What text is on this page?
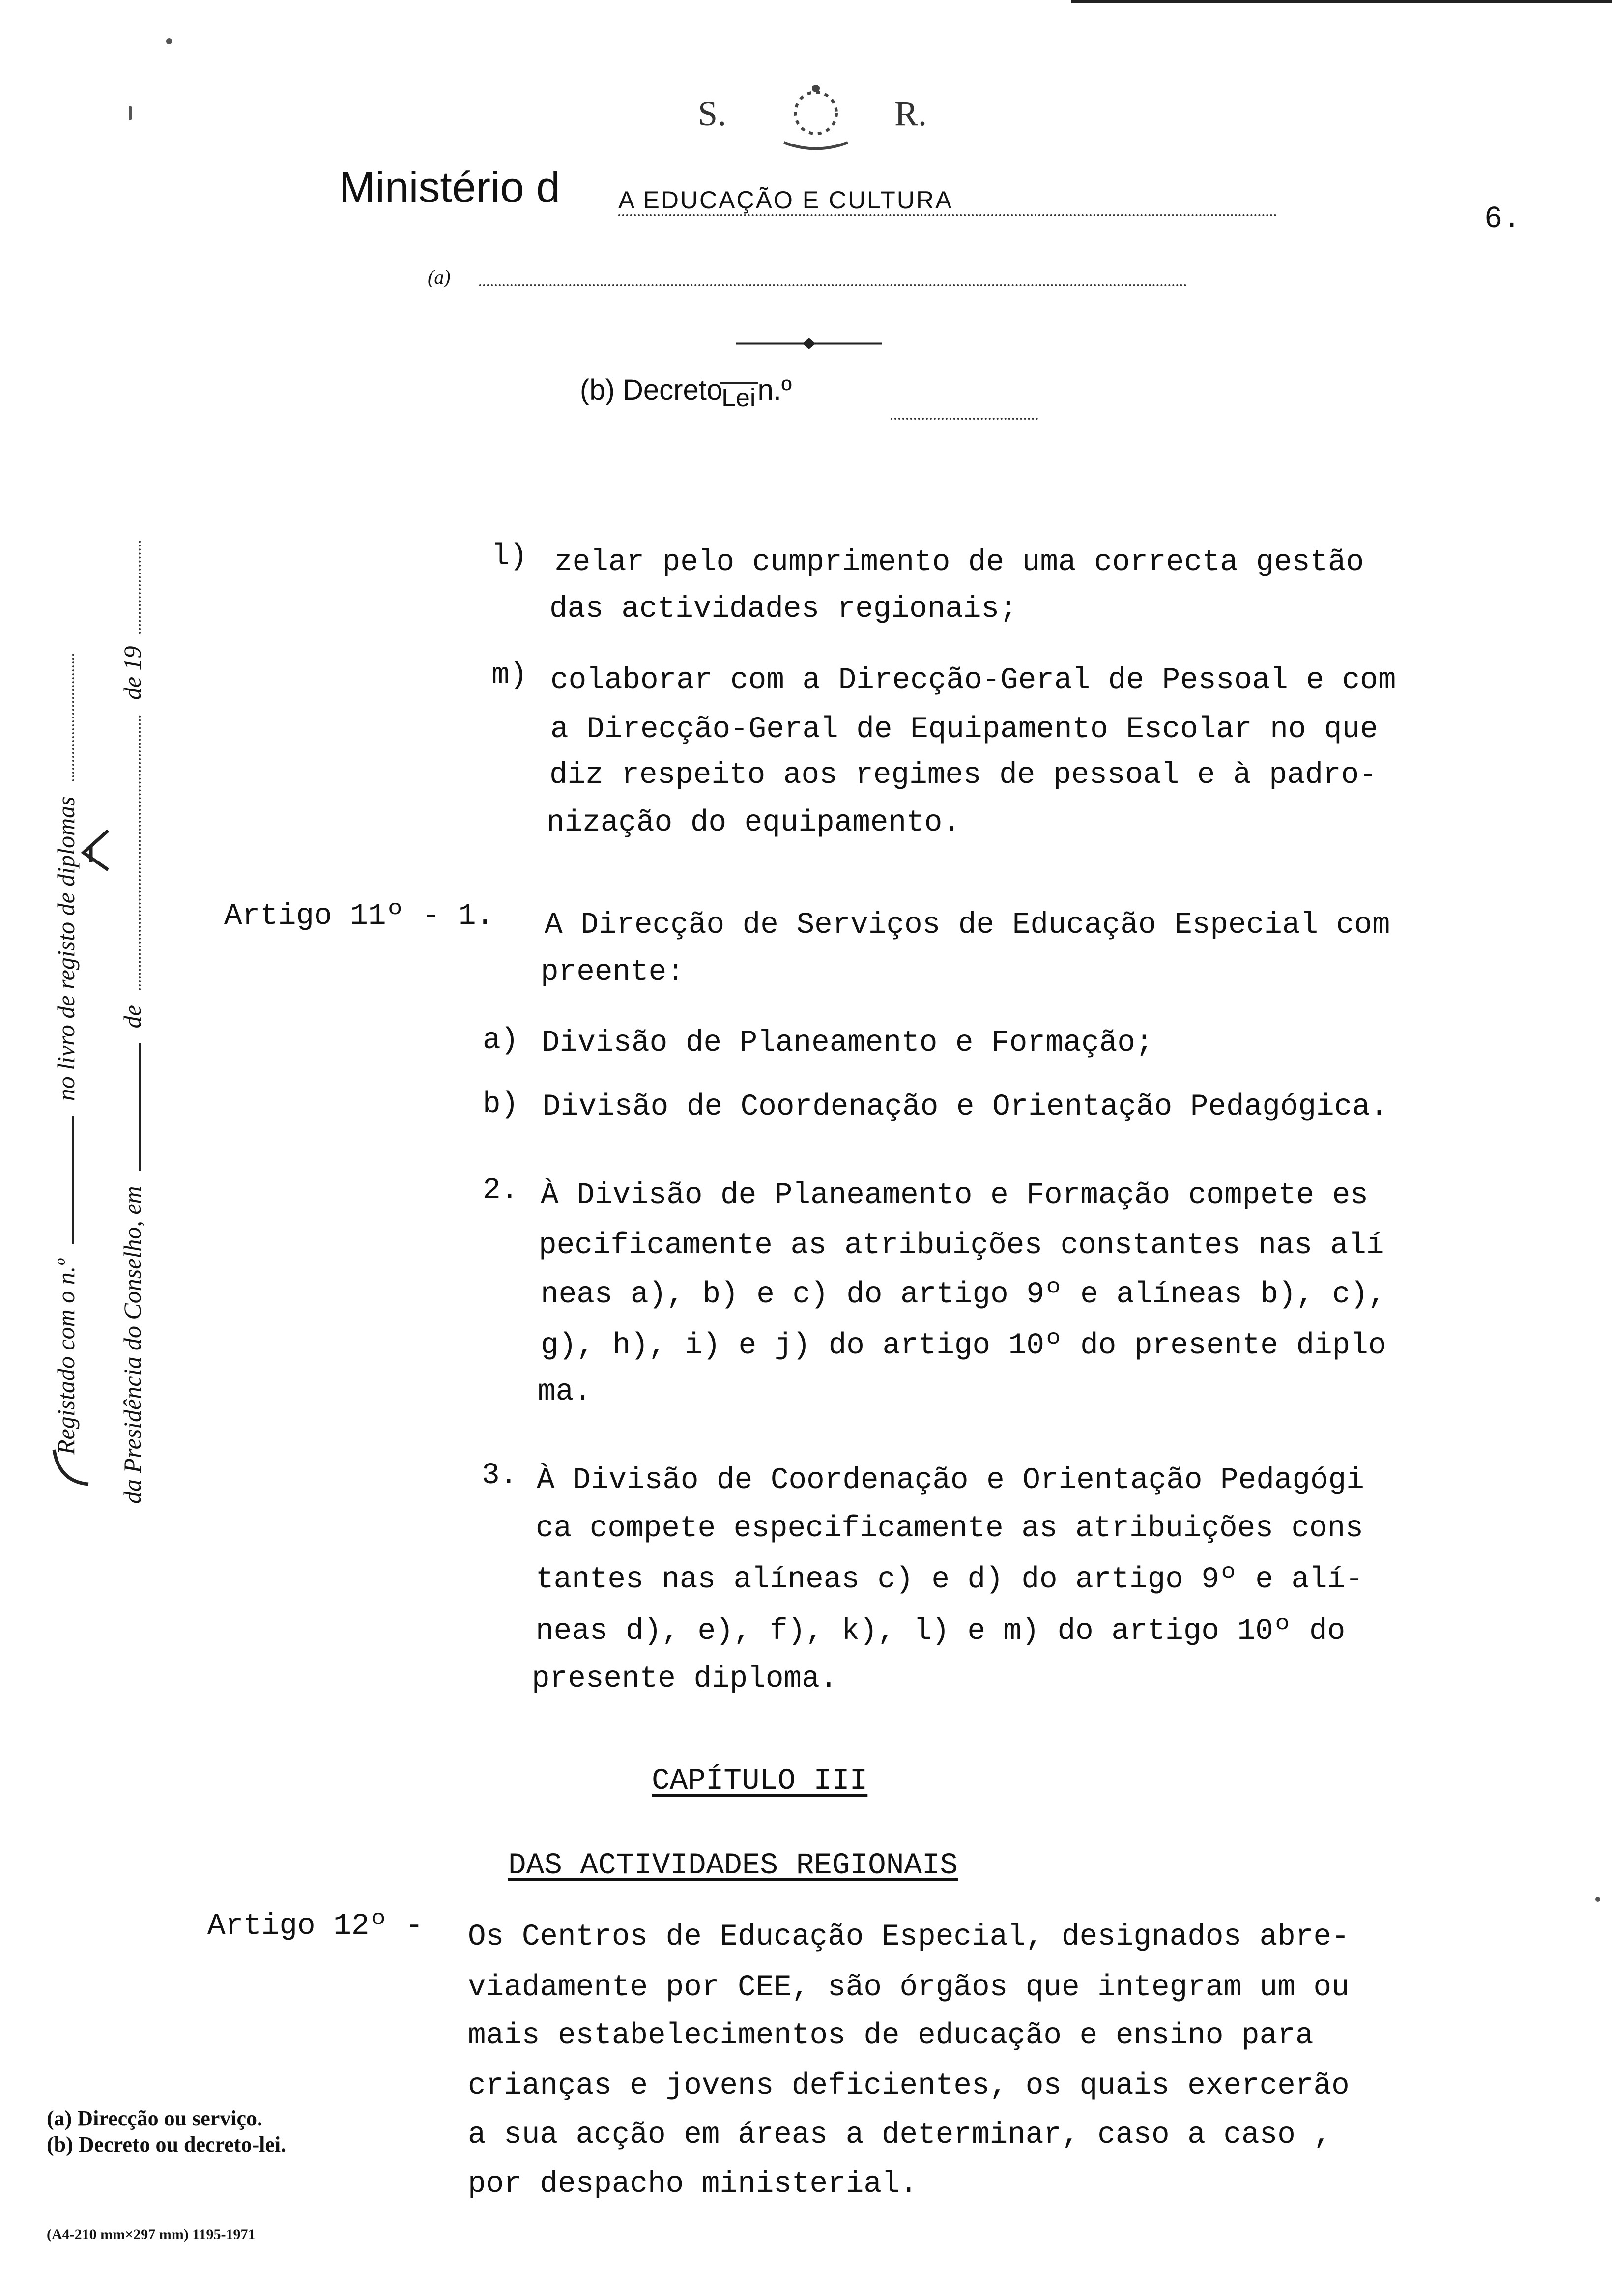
S.	R.
Ministério d A EDUCAÇÃO E CULTURA
6.
(a)
(b) DecretoLein.º
Registado com o n.º  no livro de registo de diplomas
da Presidência do Conselho, em  de  de 19
l) zelar pelo cumprimento de uma correcta gestão
das actividades regionais;
m) colaborar com a Direcção-Geral de Pessoal e com
a Direcção-Geral de Equipamento Escolar no que
diz respeito aos regimes de pessoal e à padro-
nização do equipamento.
Artigo 11º - 1. A Direcção de Serviços de Educação Especial com
preente:
a) Divisão de Planeamento e Formação;
b) Divisão de Coordenação e Orientação Pedagógica.
2. À Divisão de Planeamento e Formação compete es
pecificamente as atribuições constantes nas alí
neas a), b) e c) do artigo 9º e alíneas b), c),
g), h), i) e j) do artigo 10º do presente diplo
ma.
3. À Divisão de Coordenação e Orientação Pedagógi
ca compete especificamente as atribuições cons
tantes nas alíneas c) e d) do artigo 9º e alí-
neas d), e), f), k), l) e m) do artigo 10º do
presente diploma.
CAPÍTULO III
DAS ACTIVIDADES REGIONAIS
Artigo 12º - Os Centros de Educação Especial, designados abre-
viadamente por CEE, são órgãos que integram um ou
mais estabelecimentos de educação e ensino para
crianças e jovens deficientes, os quais exercerão
a sua acção em áreas a determinar, caso a caso ,
por despacho ministerial.
(a) Direcção ou serviço.
(b) Decreto ou decreto-lei.
(A4-210 mm×297 mm) 1195-1971
